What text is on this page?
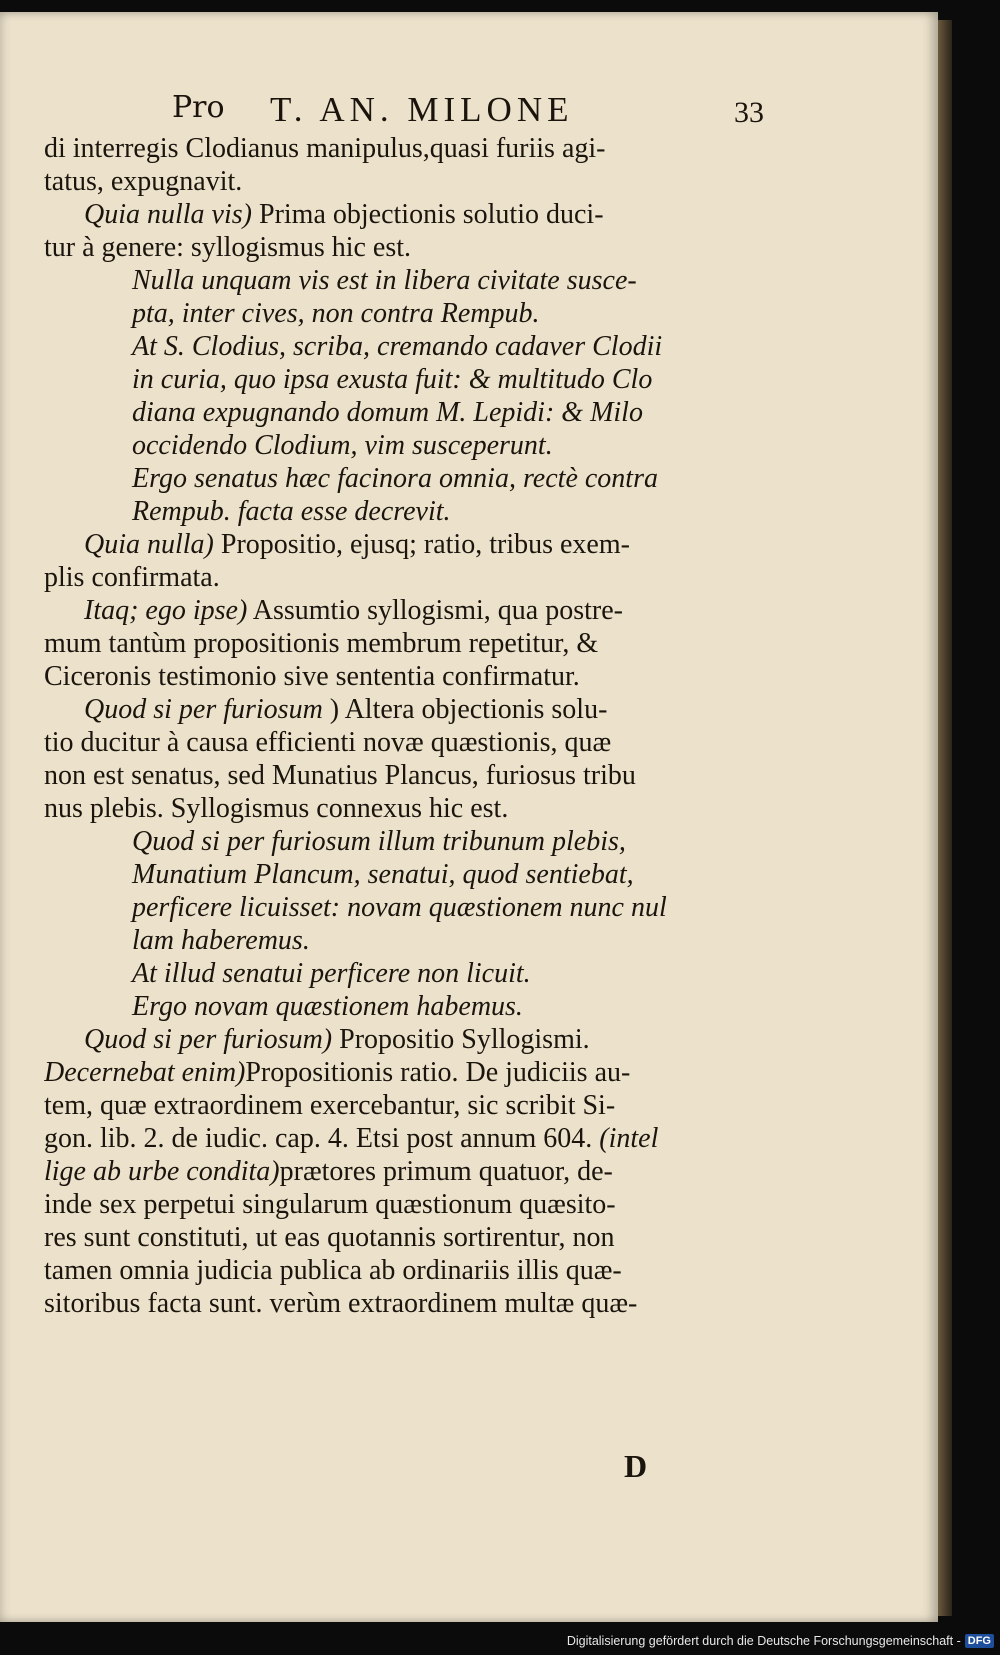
Pro T. AN. MILONE	33
di interregis Clodianus manipulus,quasi furiis agi-
tatus, expugnavit.
Quia nulla vis) Prima objectionis solutio duci-
tur à genere: syllogismus hic est.
Nulla unquam vis est in libera civitate susce-
pta, inter cives, non contra Rempub.
At S. Clodius, scriba, cremando cadaver Clodii
in curia, quo ipsa exusta fuit: & multitudo Clo
diana expugnando domum M. Lepidi: & Milo
occidendo Clodium, vim susceperunt.
Ergo senatus hæc facinora omnia, rectè contra
Rempub. facta esse decrevit.
Quia nulla) Propositio, ejusq; ratio, tribus exem-
plis confirmata.
Itaq; ego ipse) Assumtio syllogismi, qua postre-
mum tantùm propositionis membrum repetitur, &
Ciceronis testimonio sive sententia confirmatur.
Quod si per furiosum ) Altera objectionis solu-
tio ducitur à causa efficienti novæ quæstionis, quæ
non est senatus, sed Munatius Plancus, furiosus tribu
nus plebis. Syllogismus connexus hic est.
Quod si per furiosum illum tribunum plebis,
Munatium Plancum, senatui, quod sentiebat,
perficere licuisset: novam quæstionem nunc nul
lam haberemus.
At illud senatui perficere non licuit.
Ergo novam quæstionem habemus.
Quod si per furiosum) Propositio Syllogismi.
Decernebat enim)Propositionis ratio. De judiciis au-
tem, quæ extraordinem exercebantur, sic scribit Si-
gon. lib. 2. de iudic. cap. 4. Etsi post annum 604. (intel
lige ab urbe condita)prætores primum quatuor, de-
inde sex perpetui singularum quæstionum quæsito-
res sunt constituti, ut eas quotannis sortirentur, non
tamen omnia judicia publica ab ordinariis illis quæ-
sitoribus facta sunt. verùm extraordinem multæ quæ-
D
Digitalisierung gefördert durch die Deutsche Forschungsgemeinschaft - DFG
